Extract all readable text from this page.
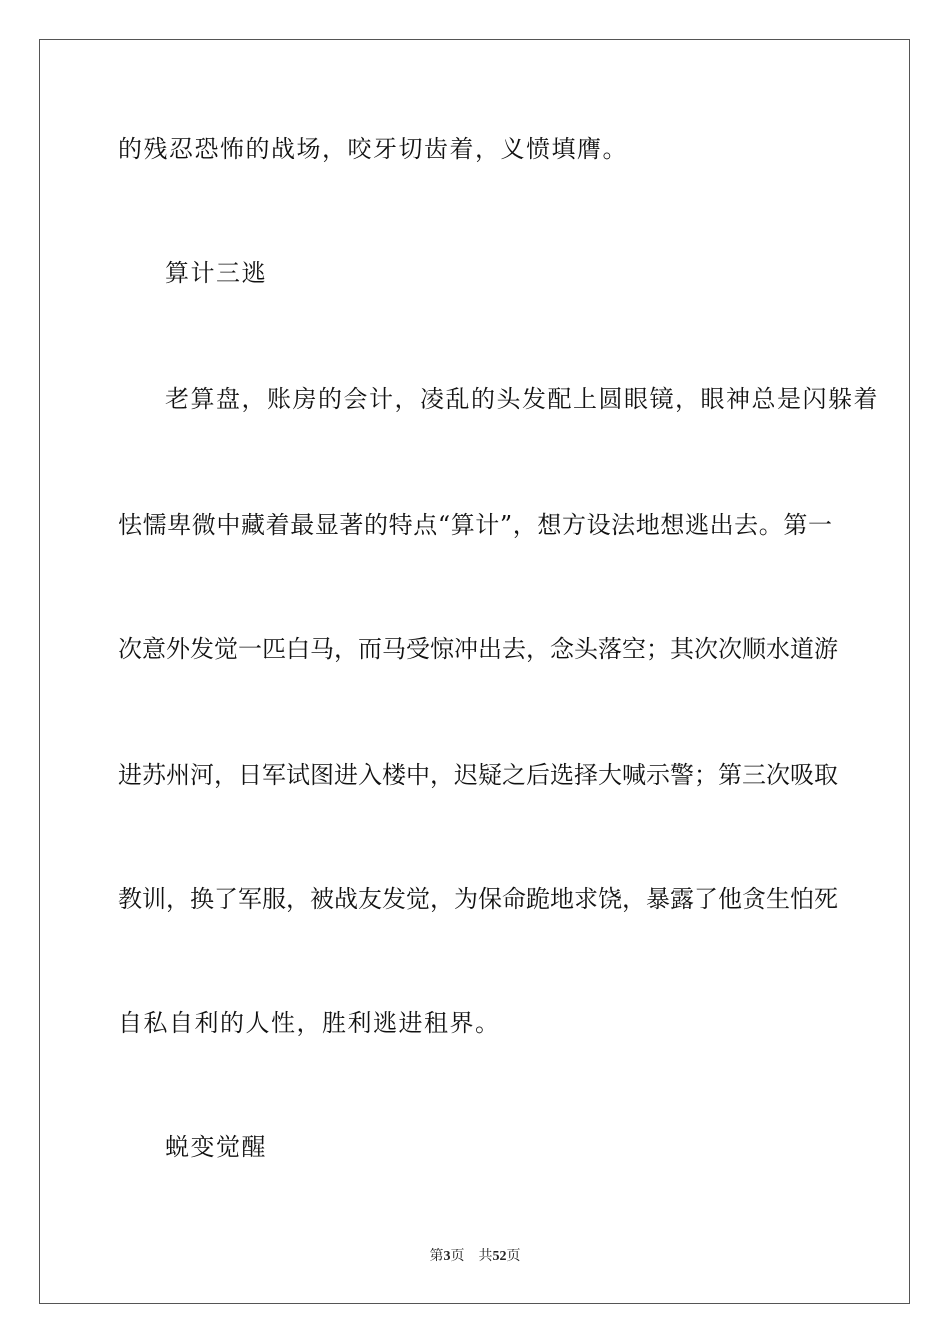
的残忍恐怖的战场，咬牙切齿着，义愤填膺。
算计三逃
老算盘，账房的会计，凌乱的头发配上圆眼镜，眼神总是闪躲着
怯懦卑微中藏着最显著的特点“算计”，想方设法地想逃出去。第一
次意外发觉一匹白马，而马受惊冲出去，念头落空；其次次顺水道游
进苏州河，日军试图进入楼中，迟疑之后选择大喊示警；第三次吸取
教训，换了军服，被战友发觉，为保命跪地求饶，暴露了他贪生怕死
自私自利的人性，胜利逃进租界。
蜕变觉醒
第3页 共52页
